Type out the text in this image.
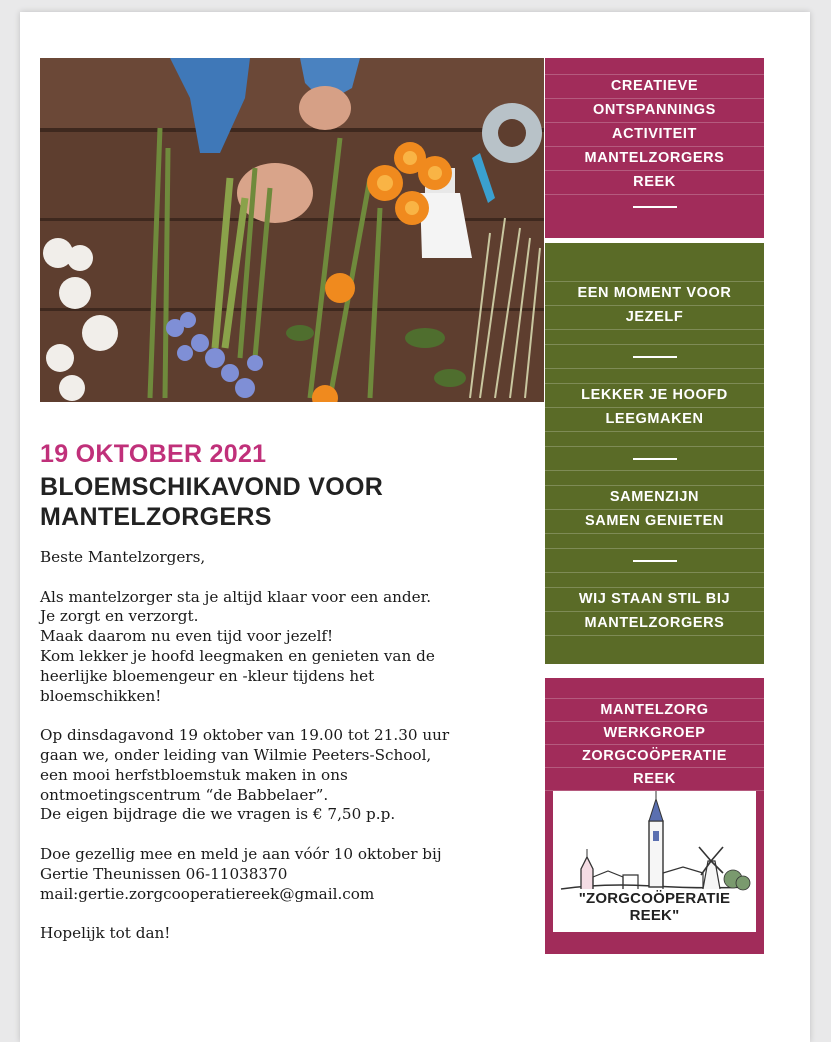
CREATIEVE
ONTSPANNINGS
ACTIVITEIT
MANTELZORGERS
REEK
EEN MOMENT VOOR
JEZELF
LEKKER JE HOOFD
LEEGMAKEN
SAMENZIJN
SAMEN GENIETEN
WIJ STAAN STIL BIJ
MANTELZORGERS
MANTELZORG
WERKGROEP
ZORGCOÖPERATIE
REEK
"ZORGCOÖPERATIE REEK"
19 OKTOBER 2021
BLOEMSCHIKAVOND VOOR MANTELZORGERS

Beste Mantelzorgers,

Als mantelzorger sta je altijd klaar voor een ander.
Je zorgt en verzorgt.
Maak daarom nu even tijd voor jezelf!
Kom lekker je hoofd leegmaken en genieten van de
heerlijke bloemengeur en -kleur tijdens het
bloemschikken!

Op dinsdagavond 19 oktober van 19.00 tot 21.30 uur
gaan we, onder leiding van Wilmie Peeters-School,
een mooi herfstbloemstuk maken in ons
ontmoetingscentrum “de Babbelaer”.
De eigen bijdrage die we vragen is € 7,50 p.p.

Doe gezellig mee en meld je aan vóór 10 oktober bij
Gertie Theunissen 06-11038370
mail:gertie.zorgcooperatiereek@gmail.com

Hopelijk tot dan!
